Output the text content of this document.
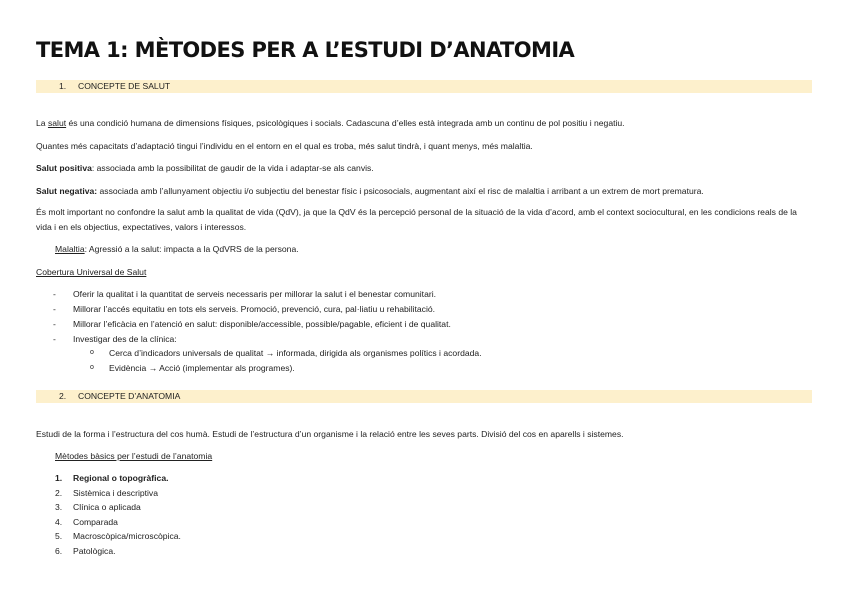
TEMA 1: MÈTODES PER A L’ESTUDI D’ANATOMIA
1. CONCEPTE DE SALUT
La salut és una condició humana de dimensions físiques, psicològiques i socials. Cadascuna d’elles està integrada amb un continu de pol positiu i negatiu.
Quantes més capacitats d’adaptació tingui l’individu en el entorn en el qual es troba, més salut tindrà, i quant menys, més malaltia.
Salut positiva: associada amb la possibilitat de gaudir de la vida i adaptar-se als canvis.
Salut negativa: associada amb l’allunyament objectiu i/o subjectiu del benestar físic i psicosocials, augmentant així el risc de malaltia i arribant a un extrem de mort prematura.
És molt important no confondre la salut amb la qualitat de vida (QdV), ja que la QdV és la percepció personal de la situació de la vida d’acord, amb el context sociocultural, en les condicions reals de la vida i en els objectius, expectatives, valors i interessos.
Malaltia: Agressió a la salut: impacta a la QdVRS de la persona.
Cobertura Universal de Salut
- Oferir la qualitat i la quantitat de serveis necessaris per millorar la salut i el benestar comunitari.
- Millorar l’accés equitatiu en tots els serveis. Promoció, prevenció, cura, pal·liatiu u rehabilitació.
- Millorar l’eficàcia en l’atenció en salut: disponible/accessible, possible/pagable, eficient i de qualitat.
- Investigar des de la clínica:
o Cerca d’indicadors universals de qualitat → informada, dirigida als organismes polítics i acordada.
o Evidència → Acció (implementar als programes).
2. CONCEPTE D’ANATOMIA
Estudi de la forma i l’estructura del cos humà. Estudi de l’estructura d’un organisme i la relació entre les seves parts. Divisió del cos en aparells i sistemes.
Mètodes bàsics per l’estudi de l’anatomia
1. Regional o topogràfica.
2. Sistèmica i descriptiva
3. Clínica o aplicada
4. Comparada
5. Macroscòpica/microscòpica.
6. Patològica.
